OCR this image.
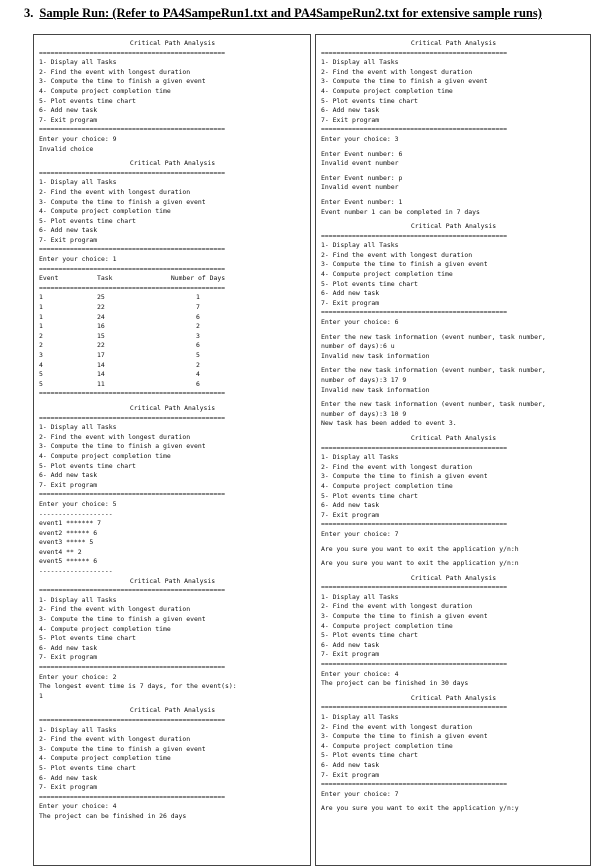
3. Sample Run: (Refer to PA4SampeRun1.txt and PA4SampeRun2.txt for extensive sample runs)
Critical Path Analysis
================================================
1- Display all Tasks
2- Find the event with longest duration
3- Compute the time to finish a given event
4- Compute project completion time
5- Plot events time chart
6- Add new task
7- Exit program
================================================
Enter your choice: 9
Invalid choice
Critical Path Analysis
================================================
1- Display all Tasks
2- Find the event with longest duration
3- Compute the time to finish a given event
4- Compute project completion time
5- Plot events time chart
6- Add new task
7- Exit program
================================================
Enter your choice: 1
================================================
Event	Task	Number of Days
================================================
1	25	1
1	22	7
1	24	6
1	16	2
2	15	3
2	22	6
3	17	5
4	14	2
5	14	4
5	11	6
================================================
Critical Path Analysis
================================================
1- Display all Tasks
2- Find the event with longest duration
3- Compute the time to finish a given event
4- Compute project completion time
5- Plot events time chart
6- Add new task
7- Exit program
================================================
Enter your choice: 5
-------------------
event1 ******* 7
event2 ****** 6
event3 ***** 5
event4 ** 2
event5 ****** 6
-------------------
Critical Path Analysis
================================================
1- Display all Tasks
2- Find the event with longest duration
3- Compute the time to finish a given event
4- Compute project completion time
5- Plot events time chart
6- Add new task
7- Exit program
================================================
Enter your choice: 2
The longest event time is 7 days, for the event(s):
1
Critical Path Analysis
================================================
1- Display all Tasks
2- Find the event with longest duration
3- Compute the time to finish a given event
4- Compute project completion time
5- Plot events time chart
6- Add new task
7- Exit program
================================================
Enter your choice: 4
The project can be finished in 26 days
Critical Path Analysis
================================================
1- Display all Tasks
2- Find the event with longest duration
3- Compute the time to finish a given event
4- Compute project completion time
5- Plot events time chart
6- Add new task
7- Exit program
================================================
Enter your choice: 3
Enter Event number: 6
Invalid event number
Enter Event number: p
Invalid event number
Enter Event number: 1
Event number 1 can be completed in 7 days
Critical Path Analysis
================================================
1- Display all Tasks
2- Find the event with longest duration
3- Compute the time to finish a given event
4- Compute project completion time
5- Plot events time chart
6- Add new task
7- Exit program
================================================
Enter your choice: 6
Enter the new task information (event number, task number,
number of days):6 u
Invalid new task information
Enter the new task information (event number, task number,
number of days):3 17 9
Invalid new task information
Enter the new task information (event number, task number,
number of days):3 10 9
New task has been added to event 3.
Critical Path Analysis
================================================
1- Display all Tasks
2- Find the event with longest duration
3- Compute the time to finish a given event
4- Compute project completion time
5- Plot events time chart
6- Add new task
7- Exit program
================================================
Enter your choice: 7
Are you sure you want to exit the application y/n:h
Are you sure you want to exit the application y/n:n
Critical Path Analysis
================================================
1- Display all Tasks
2- Find the event with longest duration
3- Compute the time to finish a given event
4- Compute project completion time
5- Plot events time chart
6- Add new task
7- Exit program
================================================
Enter your choice: 4
The project can be finished in 30 days
Critical Path Analysis
================================================
1- Display all Tasks
2- Find the event with longest duration
3- Compute the time to finish a given event
4- Compute project completion time
5- Plot events time chart
6- Add new task
7- Exit program
================================================
Enter your choice: 7
Are you sure you want to exit the application y/n:y
